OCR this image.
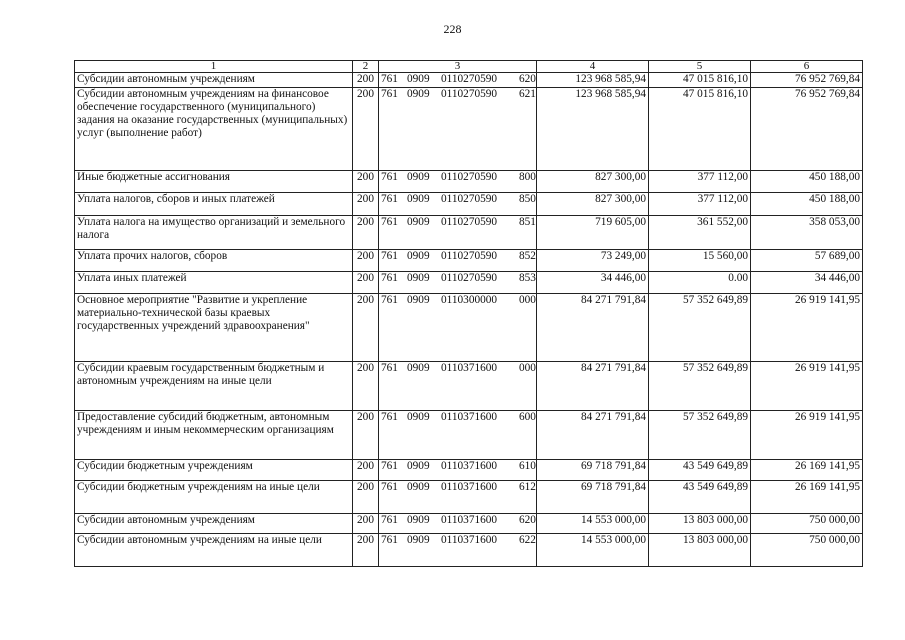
228
1	2	3	4	5	6
Субсидии автономным учреждениям	200	761 0909 0110270590 620	123 968 585,94	47 015 816,10	76 952 769,84
Субсидии автономным учреждениям на финансовое обеспечение государственного (муниципального) задания на оказание государственных (муниципальных) услуг (выполнение работ)	200	761 0909 0110270590 621	123 968 585,94	47 015 816,10	76 952 769,84
Иные бюджетные ассигнования	200	761 0909 0110270590 800	827 300,00	377 112,00	450 188,00
Уплата налогов, сборов и иных платежей	200	761 0909 0110270590 850	827 300,00	377 112,00	450 188,00
Уплата налога на имущество организаций и земельного налога	200	761 0909 0110270590 851	719 605,00	361 552,00	358 053,00
Уплата прочих налогов, сборов	200	761 0909 0110270590 852	73 249,00	15 560,00	57 689,00
Уплата иных платежей	200	761 0909 0110270590 853	34 446,00	0.00	34 446,00
Основное мероприятие "Развитие и укрепление материально-технической базы краевых государственных учреждений здравоохранения"	200	761 0909 0110300000 000	84 271 791,84	57 352 649,89	26 919 141,95
Субсидии краевым государственным бюджетным и автономным учреждениям на иные цели	200	761 0909 0110371600 000	84 271 791,84	57 352 649,89	26 919 141,95
Предоставление субсидий бюджетным, автономным учреждениям и иным некоммерческим организациям	200	761 0909 0110371600 600	84 271 791,84	57 352 649,89	26 919 141,95
Субсидии бюджетным учреждениям	200	761 0909 0110371600 610	69 718 791,84	43 549 649,89	26 169 141,95
Субсидии бюджетным учреждениям на иные цели	200	761 0909 0110371600 612	69 718 791,84	43 549 649,89	26 169 141,95
Субсидии автономным учреждениям	200	761 0909 0110371600 620	14 553 000,00	13 803 000,00	750 000,00
Субсидии автономным учреждениям на иные цели	200	761 0909 0110371600 622	14 553 000,00	13 803 000,00	750 000,00
